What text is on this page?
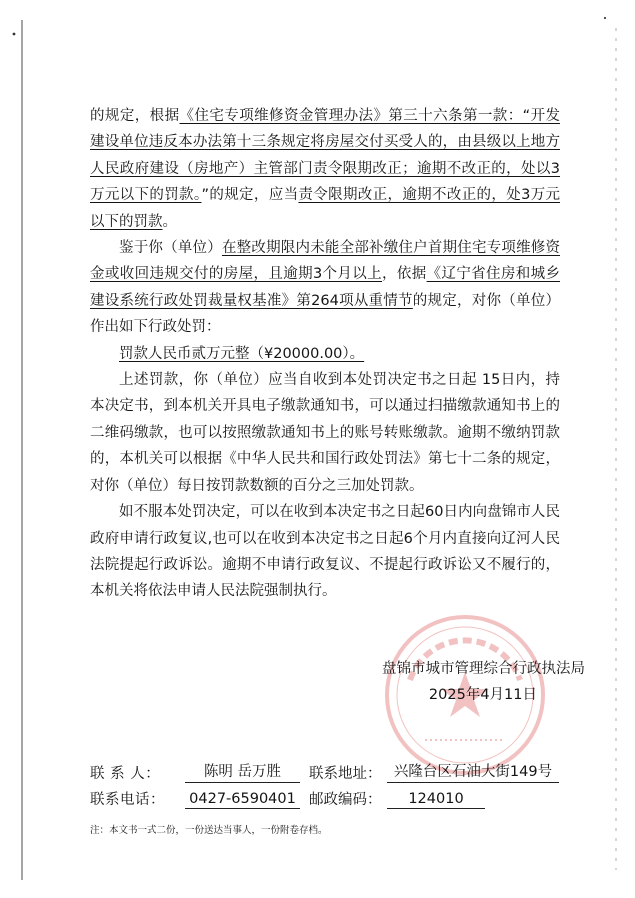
的规定，根据《住宅专项维修资金管理办法》第三十六条第一款：“开发建设单位违反本办法第十三条规定将房屋交付买受人的，由县级以上地方人民政府建设（房地产）主管部门责令限期改正；逾期不改正的，处以3万元以下的罚款。”的规定，应当责令限期改正，逾期不改正的，处3万元以下的罚款。

鉴于你（单位）在整改期限内未能全部补缴住户首期住宅专项维修资金或收回违规交付的房屋，且逾期3个月以上，依据《辽宁省住房和城乡建设系统行政处罚裁量权基准》第264项从重情节的规定，对你（单位）作出如下行政处罚：

罚款人民币贰万元整（¥20000.00）。

上述罚款，你（单位）应当自收到本处罚决定书之日起 15日内，持本决定书，到本机关开具电子缴款通知书，可以通过扫描缴款通知书上的二维码缴款，也可以按照缴款通知书上的账号转账缴款。逾期不缴纳罚款的，本机关可以根据《中华人民共和国行政处罚法》第七十二条的规定，对你（单位）每日按罚款数额的百分之三加处罚款。

如不服本处罚决定，可以在收到本决定书之日起60日内向盘锦市人民政府申请行政复议,也可以在收到本决定书之日起6个月内直接向辽河人民法院提起行政诉讼。逾期不申请行政复议、不提起行政诉讼又不履行的，本机关将依法申请人民法院强制执行。

盘锦市城市管理综合行政执法局
2025年4月11日
联 系 人：	陈明 岳万胜	联系地址： 兴隆台区石油大街149号
联系电话：	0427-6590401 邮政编码：	124010
注：本文书一式二份，一份送达当事人，一份附卷存档。
